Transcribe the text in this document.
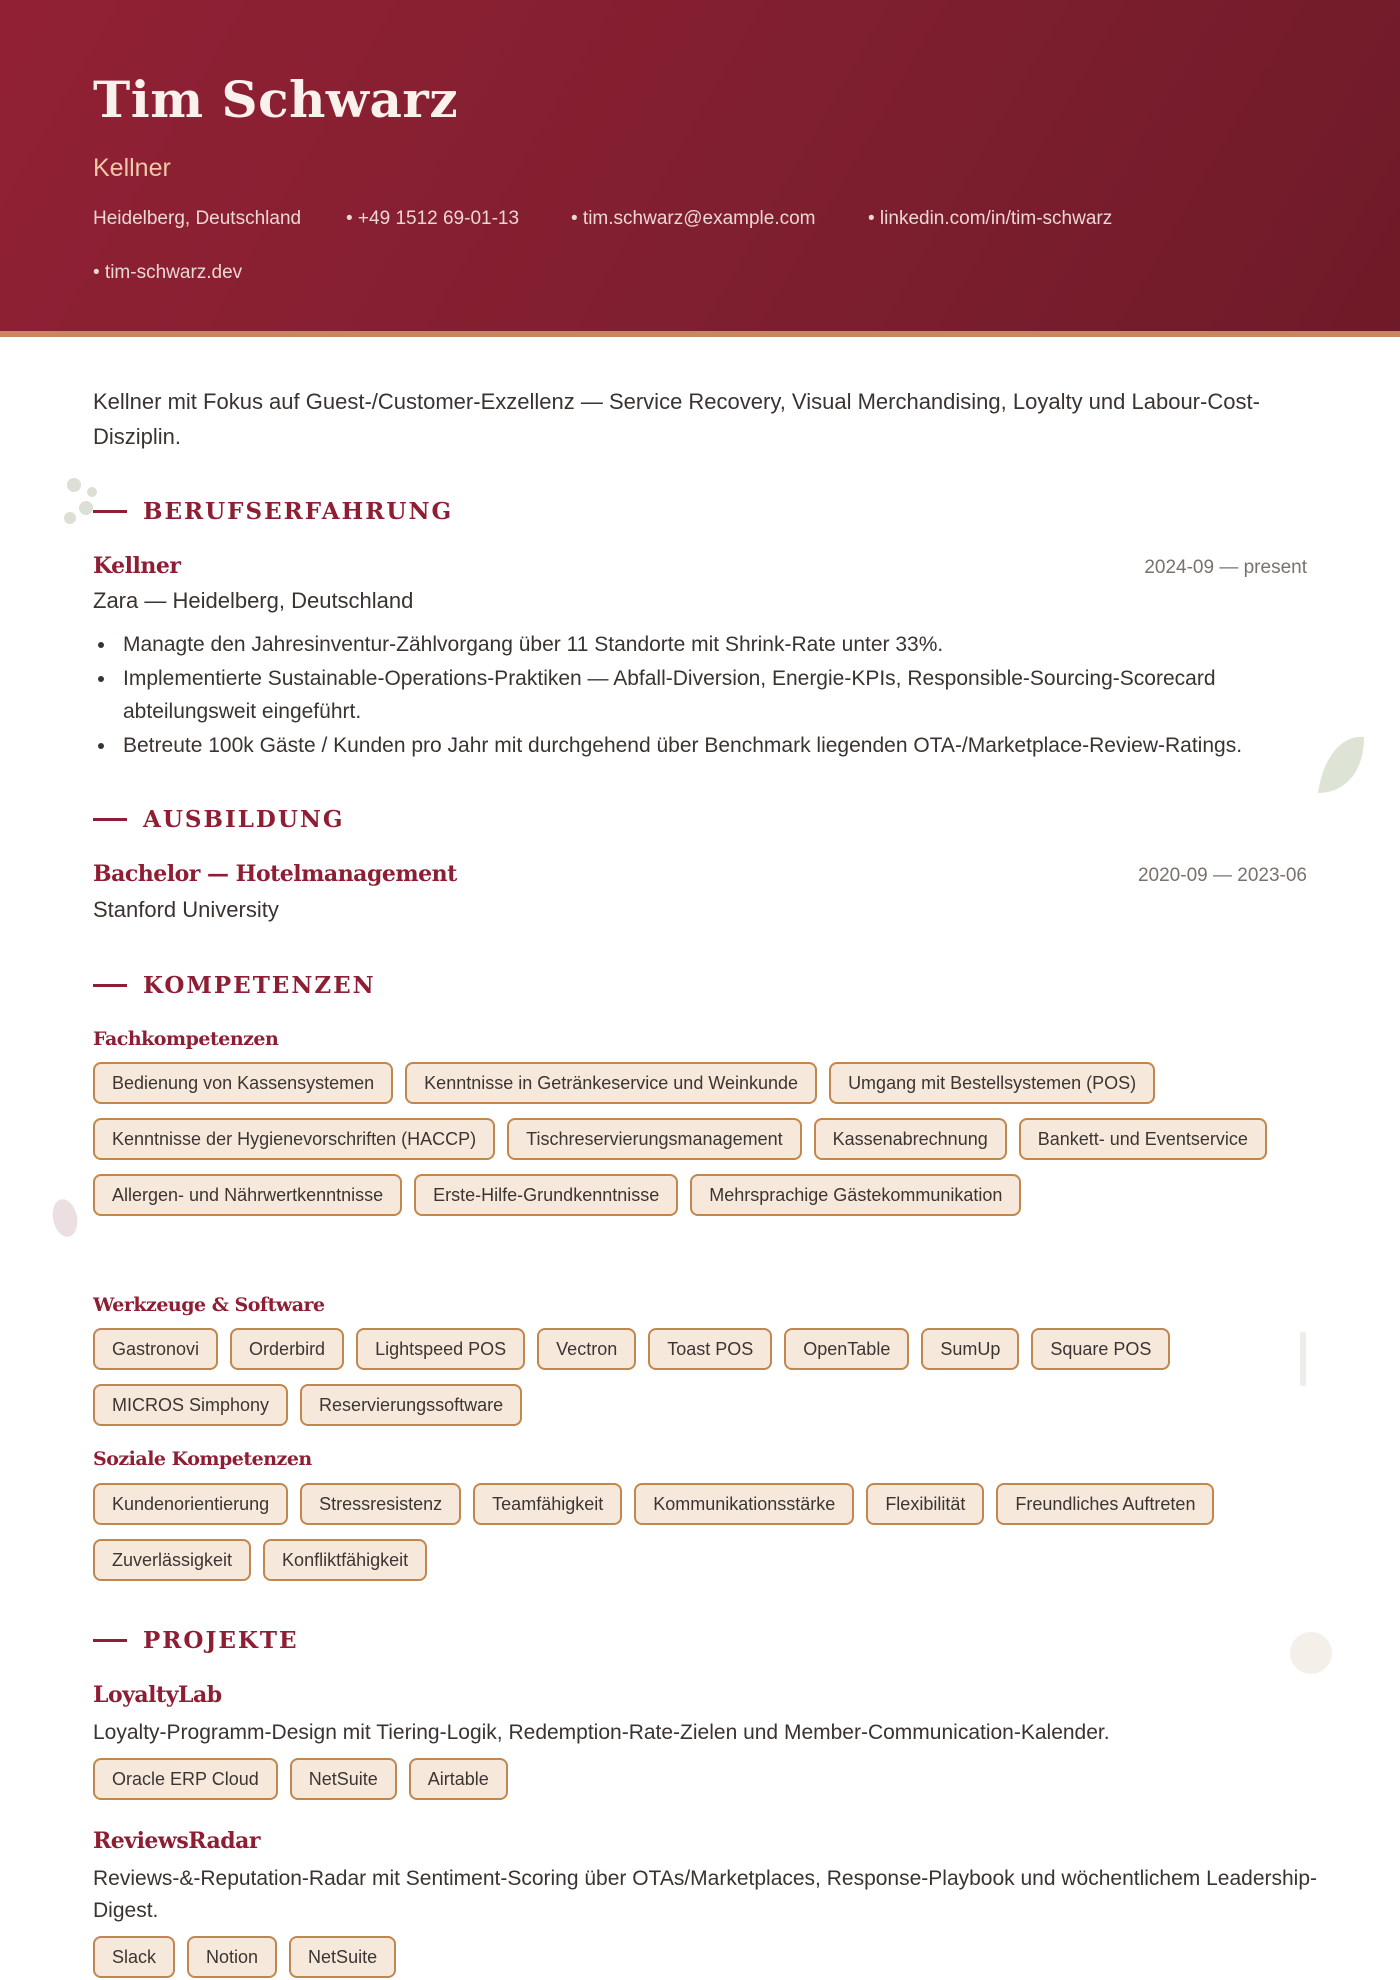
Tim Schwarz
Kellner
Heidelberg, Deutschland • +49 1512 69-01-13	• tim.schwarz@example.com	• linkedin.com/in/tim-schwarz
• tim-schwarz.dev
Kellner mit Fokus auf Guest-/Customer-Exzellenz — Service Recovery, Visual Merchandising, Loyalty und Labour-Cost-Disziplin.
BERUFSERFAHRUNG
Kellner	2024-09 — present
Zara — Heidelberg, Deutschland
Managte den Jahresinventur-Zählvorgang über 11 Standorte mit Shrink-Rate unter 33%.
Implementierte Sustainable-Operations-Praktiken — Abfall-Diversion, Energie-KPIs, Responsible-Sourcing-Scorecard abteilungsweit eingeführt.
Betreute 100k Gäste / Kunden pro Jahr mit durchgehend über Benchmark liegenden OTA-/Marketplace-Review-Ratings.
AUSBILDUNG
Bachelor — Hotelmanagement	2020-09 — 2023-06
Stanford University
KOMPETENZEN
Fachkompetenzen
Bedienung von Kassensystemen	Kenntnisse in Getränkeservice und Weinkunde	Umgang mit Bestellsystemen (POS)
Kenntnisse der Hygienevorschriften (HACCP)	Tischreservierungsmanagement	Kassenabrechnung	Bankett- und Eventservice
Allergen- und Nährwertkenntnisse	Erste-Hilfe-Grundkenntnisse	Mehrsprachige Gästekommunikation
Werkzeuge & Software
Gastronovi	Orderbird	Lightspeed POS	Vectron	Toast POS	OpenTable	SumUp	Square POS
MICROS Simphony	Reservierungssoftware
Soziale Kompetenzen
Kundenorientierung	Stressresistenz	Teamfähigkeit	Kommunikationsstärke	Flexibilität	Freundliches Auftreten
Zuverlässigkeit	Konfliktfähigkeit
PROJEKTE
LoyaltyLab
Loyalty-Programm-Design mit Tiering-Logik, Redemption-Rate-Zielen und Member-Communication-Kalender.
Oracle ERP Cloud	NetSuite	Airtable
ReviewsRadar
Reviews-&-Reputation-Radar mit Sentiment-Scoring über OTAs/Marketplaces, Response-Playbook und wöchentlichem Leadership-Digest.
Slack	Notion	NetSuite
